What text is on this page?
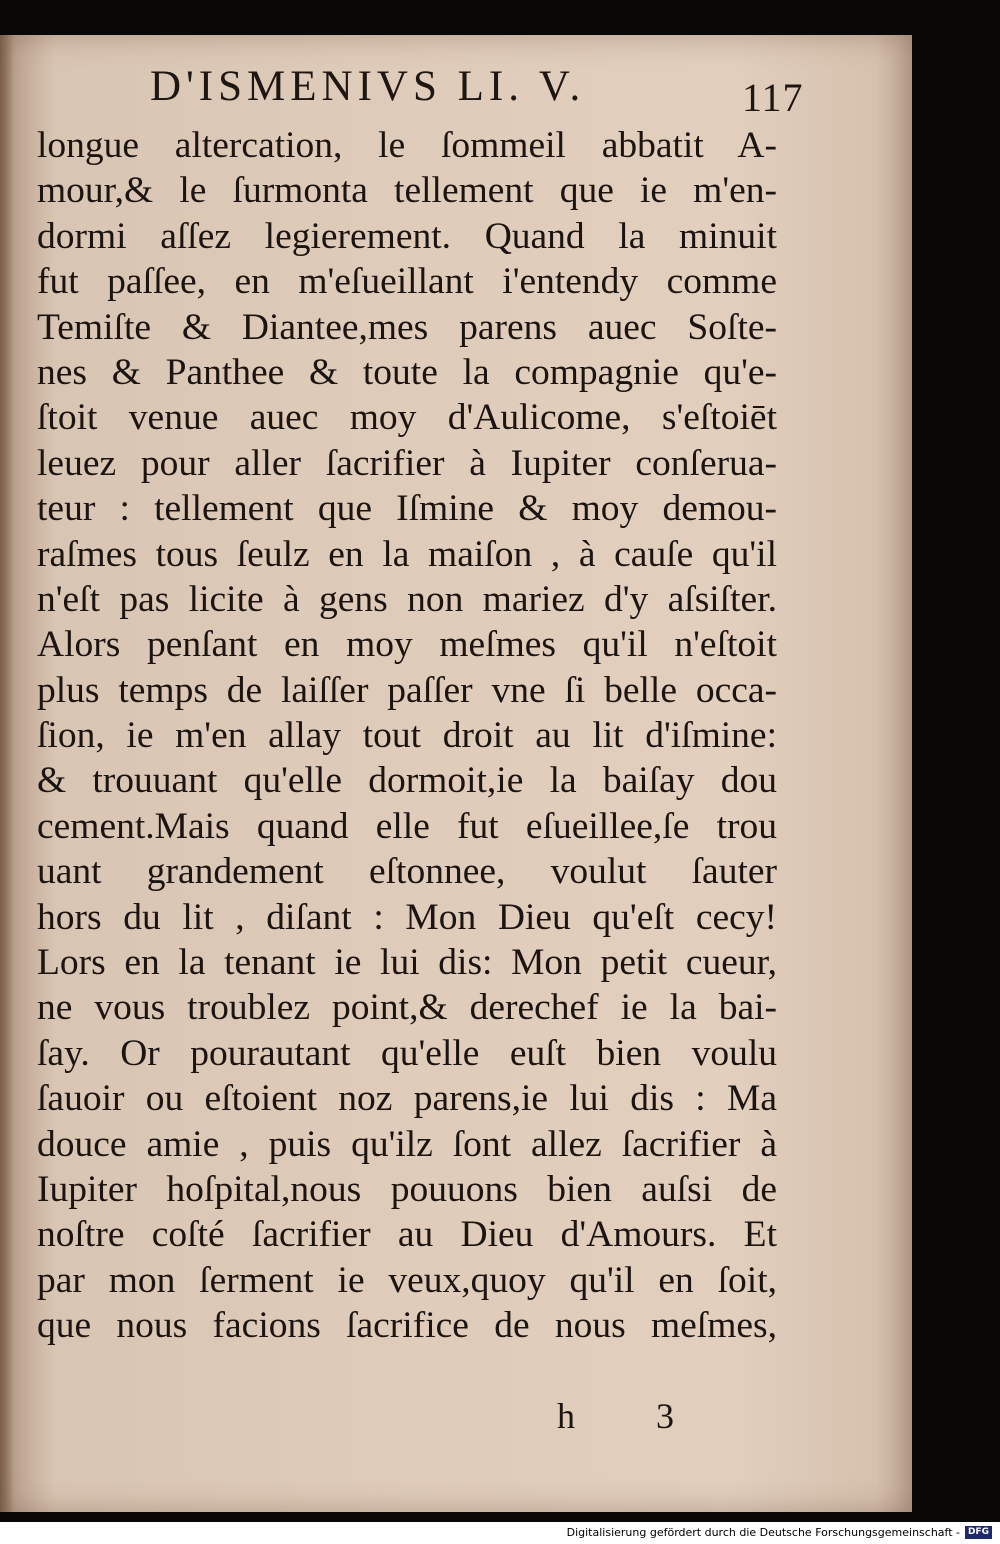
D'ISMENIVS LI. V.	117
longue altercation, le ſommeil abbatit A-
mour,& le ſurmonta tellement que ie m'en-
dormi aſſez legierement. Quand la minuit
fut paſſee, en m'eſueillant i'entendy comme
Temiſte & Diantee,mes parens auec Soſte-
nes & Panthee & toute la compagnie qu'e-
ſtoit venue auec moy d'Aulicome, s'eſtoiēt
leuez pour aller ſacrifier à Iupiter conſerua-
teur : tellement que Iſmine & moy demou-
raſmes tous ſeulz en la maiſon , à cauſe qu'il
n'eſt pas licite à gens non mariez d'y aſsiſter.
Alors penſant en moy meſmes qu'il n'eſtoit
plus temps de laiſſer paſſer vne ſi belle occa-
ſion, ie m'en allay tout droit au lit d'iſmine:
& trouuant qu'elle dormoit,ie la baiſay dou
cement.Mais quand elle fut eſueillee,ſe trou
uant grandement eſtonnee, voulut ſauter
hors du lit , diſant : Mon Dieu qu'eſt cecy!
Lors en la tenant ie lui dis: Mon petit cueur,
ne vous troublez point,& derechef ie la bai-
ſay. Or pourautant qu'elle euſt bien voulu
ſauoir ou eſtoient noz parens,ie lui dis : Ma
douce amie , puis qu'ilz ſont allez ſacrifier à
Iupiter hoſpital,nous pouuons bien auſsi de
noſtre coſté ſacrifier au Dieu d'Amours. Et
par mon ſerment ie veux,quoy qu'il en ſoit,
que nous facions ſacrifice de nous meſmes,
h 3
Digitalisierung gefördert durch die Deutsche Forschungsgemeinschaft - DFG
